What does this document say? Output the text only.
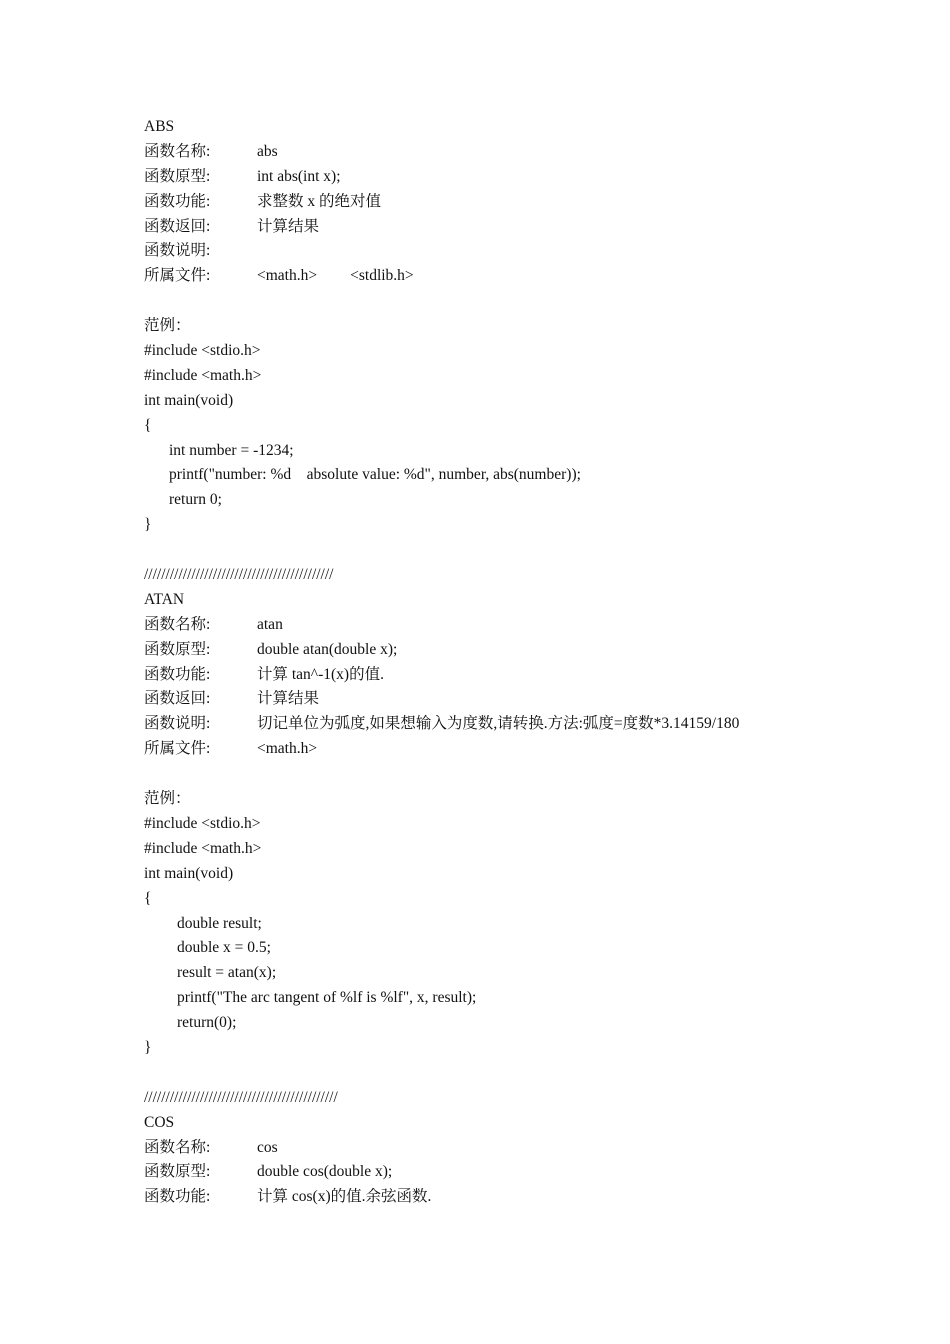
ABS
函数名称:	abs
函数原型:	int abs(int x);
函数功能:	求整数 x 的绝对值
函数返回:	计算结果
函数说明:
所属文件:	<math.h> <stdlib.h>
范例：
#include <stdio.h>
#include <math.h>
int main(void)
{
int number = -1234;
printf("number: %d    absolute value: %d", number, abs(number));
return 0;
}
////////////////////////////////////////////
ATAN
函数名称:	atan
函数原型:	double atan(double x);
函数功能:	计算 tan^-1(x)的值.
函数返回:	计算结果
函数说明:	切记单位为弧度,如果想输入为度数,请转换.方法:弧度=度数*3.14159/180
所属文件:	<math.h>
范例：
#include <stdio.h>
#include <math.h>
int main(void)
{
double result;
double x = 0.5;
result = atan(x);
printf("The arc tangent of %lf is %lf", x, result);
return(0);
}
/////////////////////////////////////////////
COS
函数名称:	cos
函数原型:	double cos(double x);
函数功能:	计算 cos(x)的值.余弦函数.
